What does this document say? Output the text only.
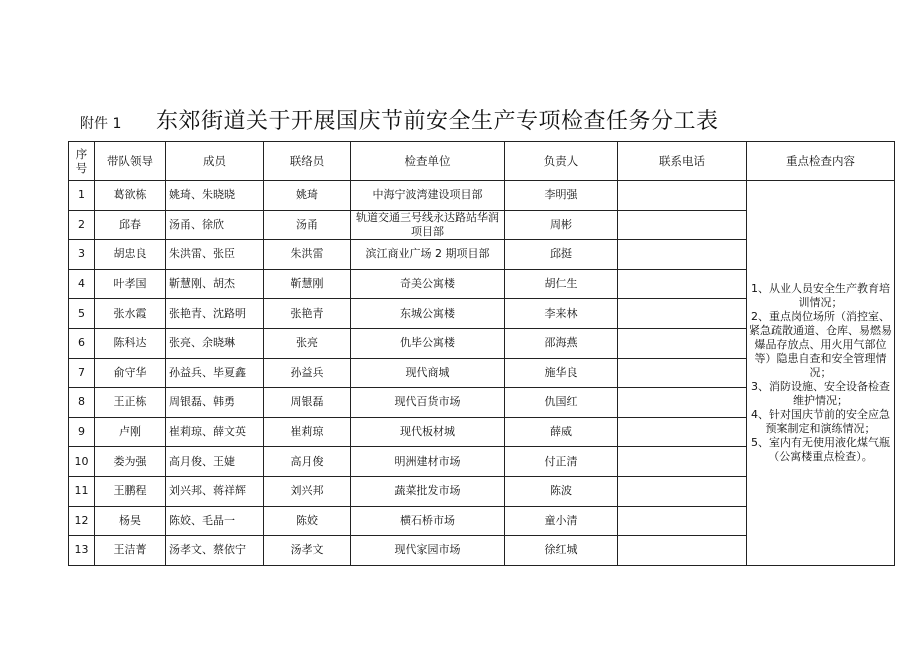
附件 1 东郊街道关于开展国庆节前安全生产专项检查任务分工表
序
号	带队领导	成员	联络员	检查单位	负责人	联系电话	重点检查内容
1	葛欲栋	姚琦、朱晓晓	姚琦	中海宁波湾建设项目部	李明强		1、从业人员安全生产教育培训情况；
2、重点岗位场所（消控室、紧急疏散通道、仓库、易燃易爆品存放点、用火用气部位等）隐患自查和安全管理情况；
3、消防设施、安全设备检查维护情况；
4、针对国庆节前的安全应急预案制定和演练情况；
5、室内有无使用液化煤气瓶（公寓楼重点检查）。

2	邱春	汤甬、徐欣	汤甬	轨道交通三号线永达路站华润项目部	周彬		
3	胡忠良	朱洪雷、张臣	朱洪雷	滨江商业广场 2 期项目部	邱挺		
4	叶孝国	靳慧刚、胡杰	靳慧刚	奇美公寓楼	胡仁生		
5	张水霞	张艳青、沈路明	张艳青	东城公寓楼	李来林		
6	陈科达	张亮、余晓琳	张亮	仇毕公寓楼	邵海燕		
7	俞守华	孙益兵、毕夏鑫	孙益兵	现代商城	施华良		
8	王正栋	周银磊、韩勇	周银磊	现代百货市场	仇国红		
9	卢刚	崔莉琼、薛文英	崔莉琼	现代板材城	薛威		
10	娄为强	高月俊、王婕	高月俊	明洲建材市场	付正清		
11	王鹏程	刘兴邦、蒋祥辉	刘兴邦	蔬菜批发市场	陈波		
12	杨昊	陈姣、毛晶一	陈姣	横石桥市场	童小清		
13	王洁菁	汤孝文、蔡依宁	汤孝文	现代家园市场	徐红城		
